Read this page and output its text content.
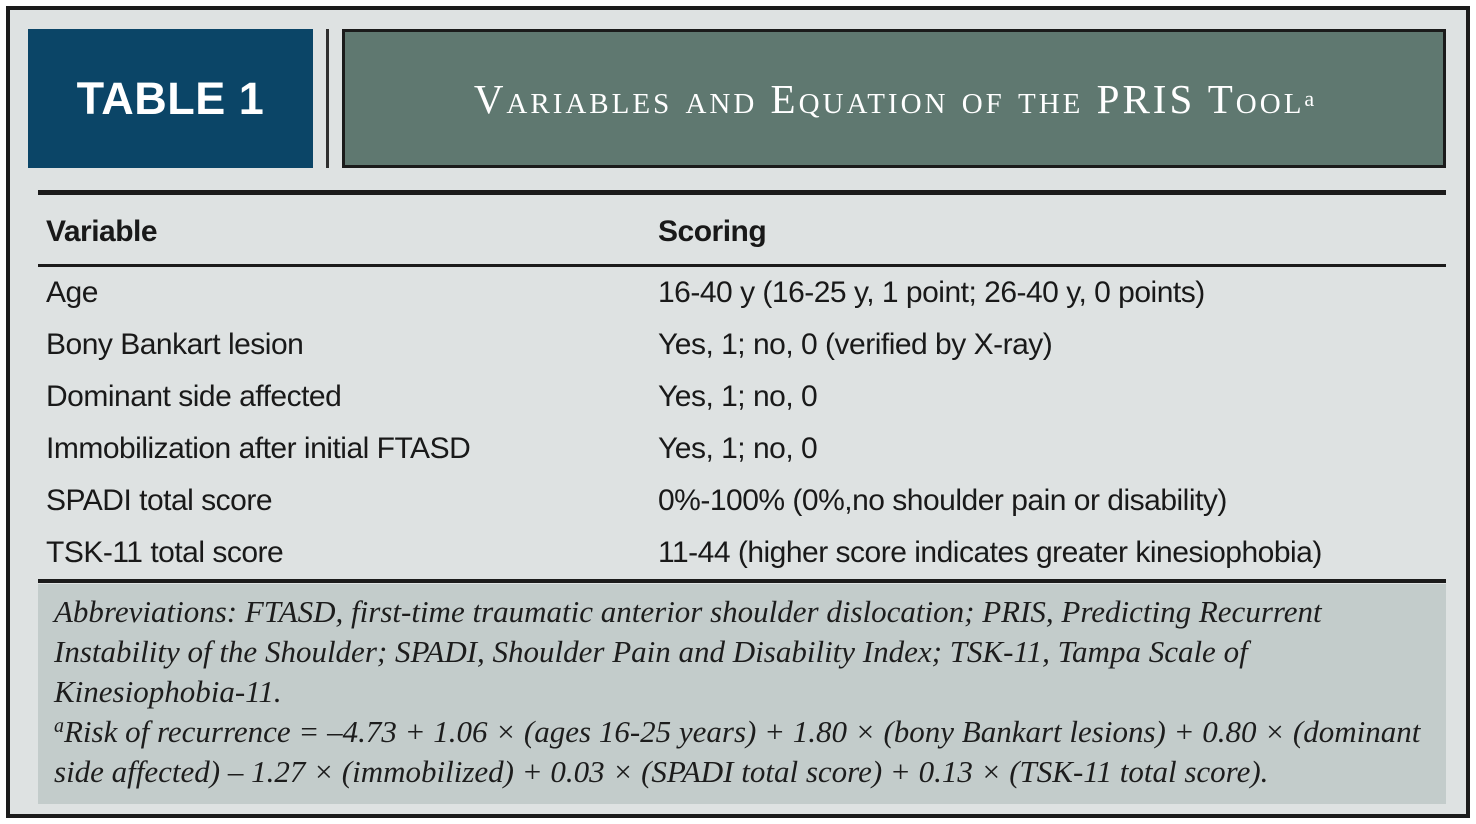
TABLE 1	Variables and Equation of the PRIS Tool a
Variable	Scoring
Age	16-40 y (16-25 y, 1 point; 26-40 y, 0 points)
Bony Bankart lesion	Yes, 1; no, 0 (verified by X-ray)
Dominant side affected	Yes, 1; no, 0
Immobilization after initial FTASD	Yes, 1; no, 0
SPADI total score	0%-100% (0%,no shoulder pain or disability)
TSK-11 total score	11-44 (higher score indicates greater kinesiophobia)

Abbreviations: FTASD, first-time traumatic anterior shoulder dislocation; PRIS, Predicting Recurrent Instability of the Shoulder; SPADI, Shoulder Pain and Disability Index; TSK-11, Tampa Scale of Kinesiophobia-11.

$^a$Risk of recurrence = –4.73 + 1.06 × (ages 16-25 years) + 1.80 × (bony Bankart lesions) + 0.80 × (dominant side affected) – 1.27 × (immobilized) + 0.03 × (SPADI total score) + 0.13 × (TSK-11 total score).
